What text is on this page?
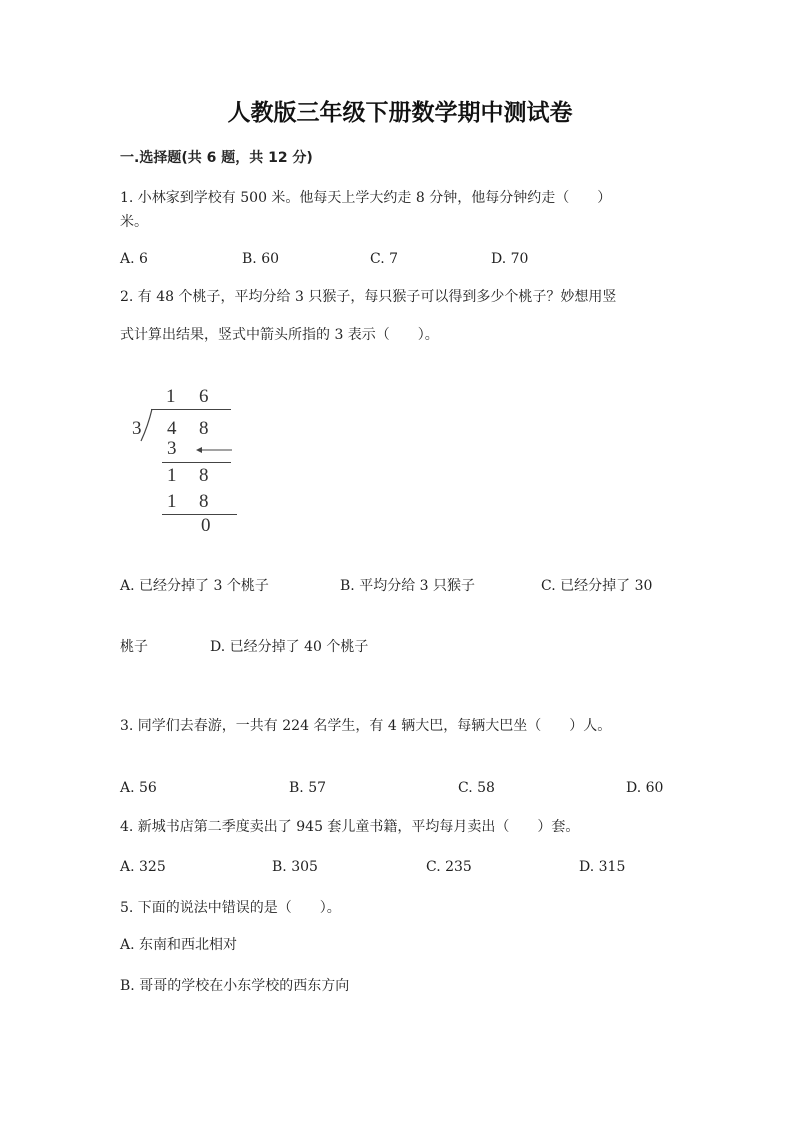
人教版三年级下册数学期中测试卷
一.选择题(共 6 题，共 12 分)
1. 小林家到学校有 500 米。他每天上学大约走 8 分钟，他每分钟约走（　　）
米。
A. 6	B. 60	C. 7	D. 70
2. 有 48 个桃子，平均分给 3 只猴子，每只猴子可以得到多少个桃子？妙想用竖
式计算出结果，竖式中箭头所指的 3 表示（　　）。
1 6
3 4 8
3
1 8
1 8
0
A. 已经分掉了 3 个桃子	B. 平均分给 3 只猴子	C. 已经分掉了 30
桃子	D. 已经分掉了 40 个桃子
3. 同学们去春游，一共有 224 名学生，有 4 辆大巴，每辆大巴坐（　　）人。
A. 56	B. 57	C. 58	D. 60
4. 新城书店第二季度卖出了 945 套儿童书籍，平均每月卖出（　　）套。
A. 325	B. 305	C. 235	D. 315
5. 下面的说法中错误的是（　　）。
A. 东南和西北相对
B. 哥哥的学校在小东学校的西东方向
